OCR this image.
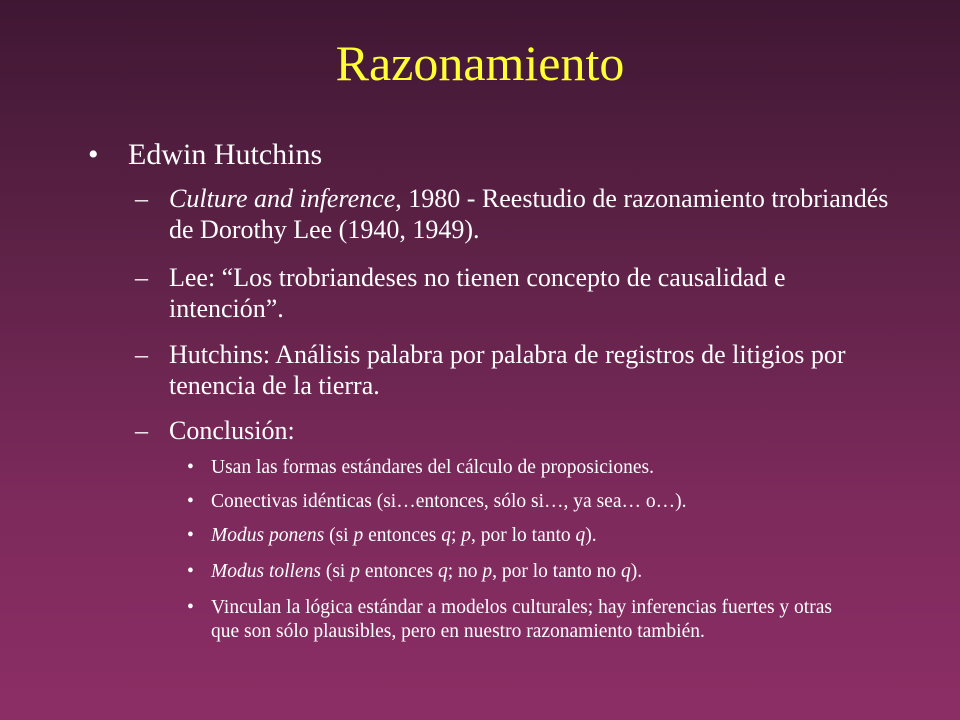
Razonamiento
• Edwin Hutchins
– Culture and inference, 1980 - Reestudio de razonamiento trobriandés de Dorothy Lee (1940, 1949).
– Lee: “Los trobriandeses no tienen concepto de causalidad e intención”.
– Hutchins: Análisis palabra por palabra de registros de litigios por tenencia de la tierra.
– Conclusión:
• Usan las formas estándares del cálculo de proposiciones.
• Conectivas idénticas (si…entonces, sólo si…, ya sea… o…).
• Modus ponens (si p entonces q; p, por lo tanto q).
• Modus tollens (si p entonces q; no p, por lo tanto no q).
• Vinculan la lógica estándar a modelos culturales; hay inferencias fuertes y otras que son sólo plausibles, pero en nuestro razonamiento también.
